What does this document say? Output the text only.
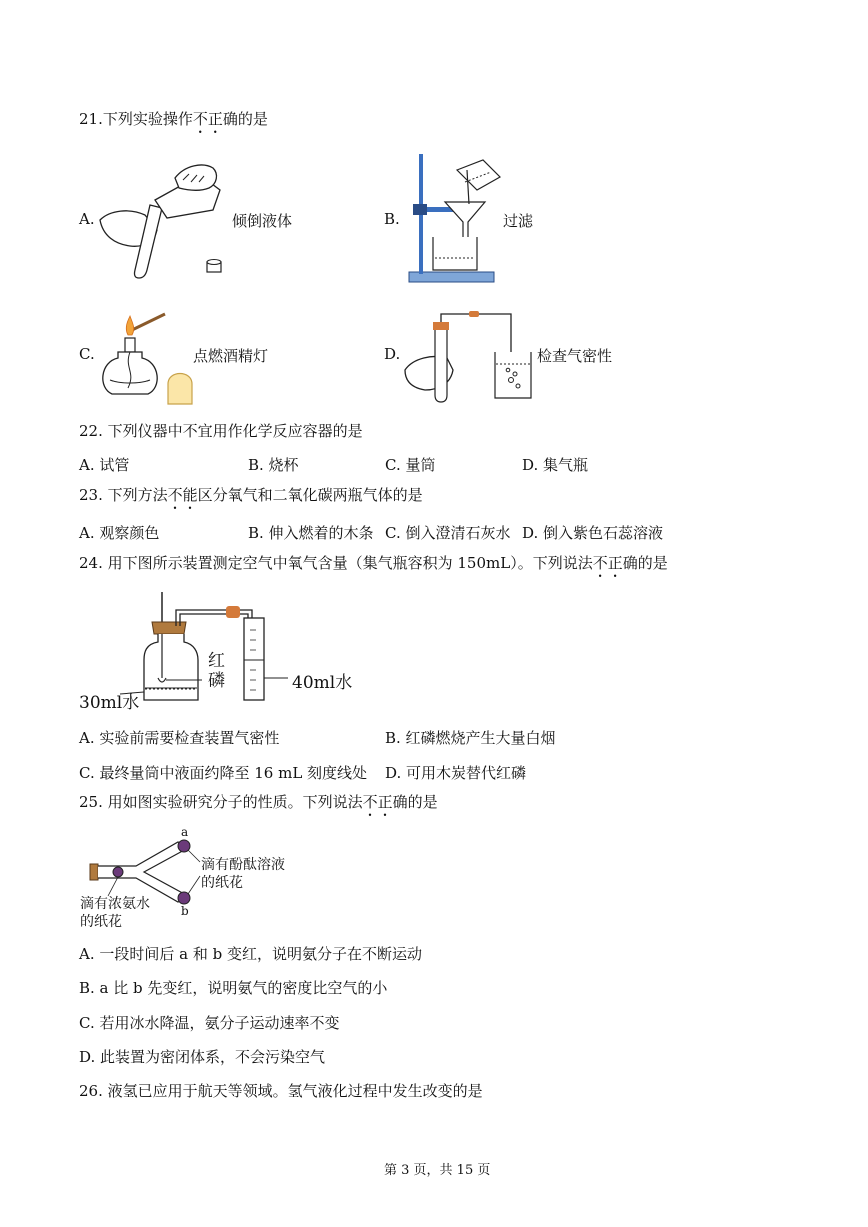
21.下列实验操作不正确的是
A.	倾倒液体	B.	过滤
C.	点燃酒精灯	D.	检查气密性
22. 下列仪器中不宜用作化学反应容器的是
A. 试管	B. 烧杯	C. 量筒	D. 集气瓶
23. 下列方法不能区分氧气和二氧化碳两瓶气体的是
A. 观察颜色	B. 伸入燃着的木条 C. 倒入澄清石灰水 D. 倒入紫色石蕊溶液
24. 用下图所示装置测定空气中氧气含量（集气瓶容积为 150mL）。下列说法不正确的是
红
磷	40ml水
30ml水
A. 实验前需要检查装置气密性	B. 红磷燃烧产生大量白烟
C. 最终量筒中液面约降至 16 mL 刻度线处 D. 可用木炭替代红磷
25. 用如图实验研究分子的性质。下列说法不正确的是
a
b
滴有酚酞溶液
的纸花
滴有浓氨水
的纸花
A. 一段时间后 a 和 b 变红，说明氨分子在不断运动
B. a 比 b 先变红，说明氨气的密度比空气的小
C. 若用冰水降温，氨分子运动速率不变
D. 此装置为密闭体系，不会污染空气
26. 液氢已应用于航天等领域。氢气液化过程中发生改变的是
第 3 页，共 15 页
